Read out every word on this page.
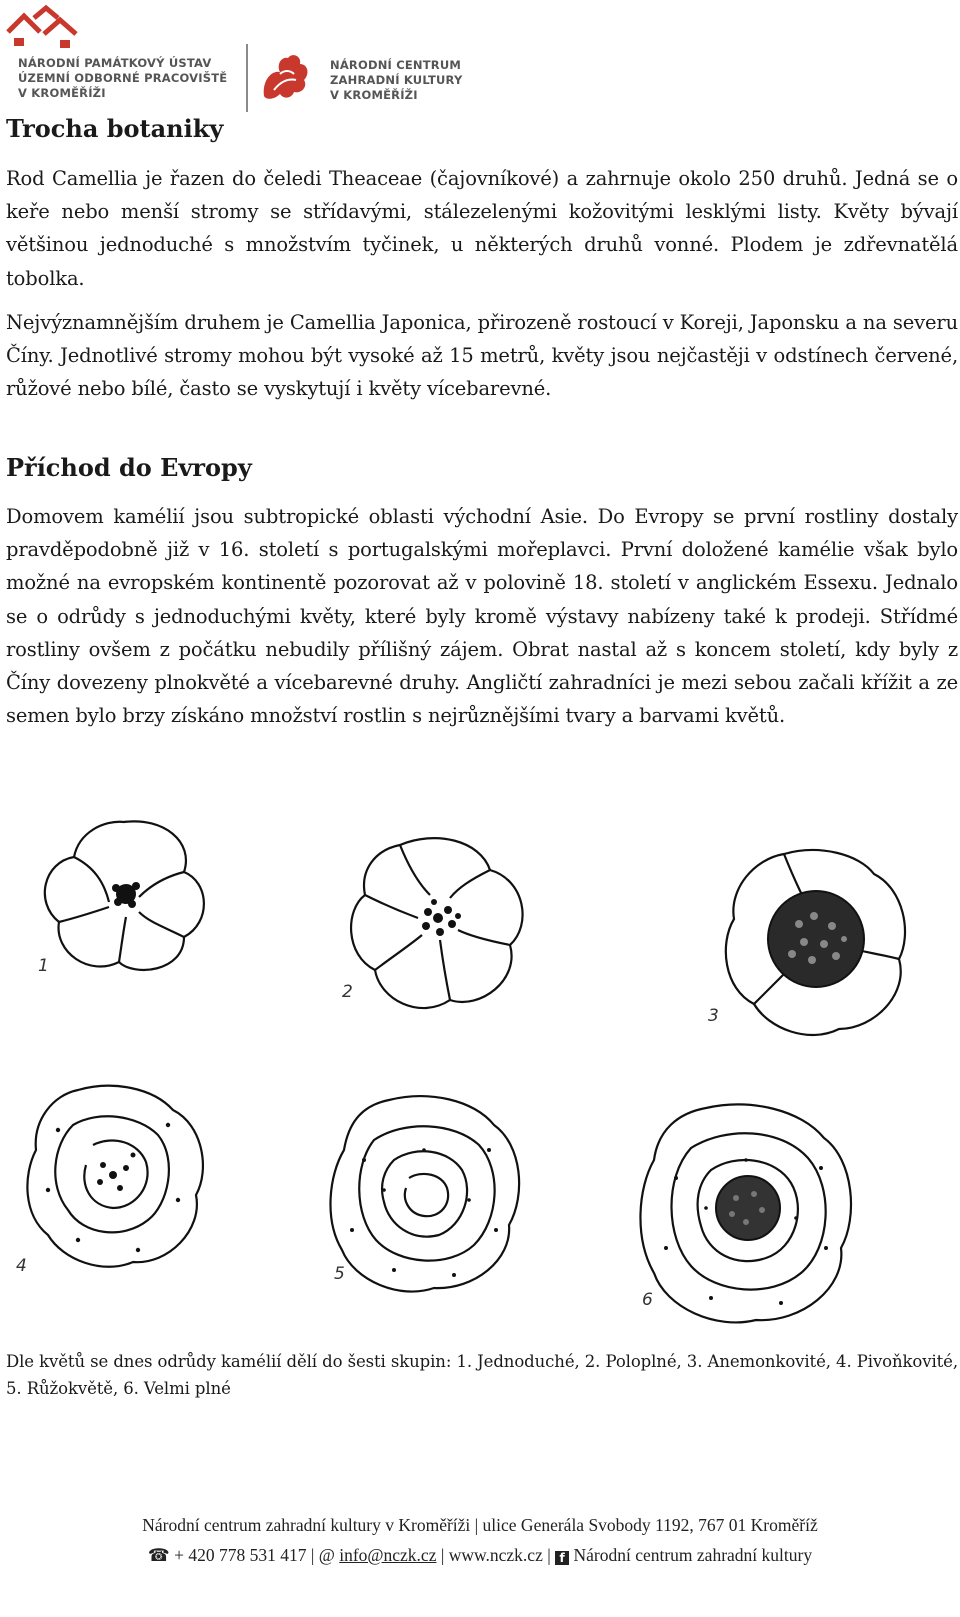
NÁRODNÍ PAMÁTKOVÝ ÚSTAV
ÚZEMNÍ ODBORNÉ PRACOVIŠTĚ
V KROMĚŘÍŽI
NÁRODNÍ CENTRUM
ZAHRADNÍ KULTURY
V KROMĚŘÍŽI
Trocha botaniky

Rod Camellia je řazen do čeledi Theaceae (čajovníkové) a zahrnuje okolo 250 druhů. Jedná se o keře nebo menší stromy se střídavými, stálezelenými kožovitými lesklými listy. Květy bývají většinou jednoduché s množstvím tyčinek, u některých druhů vonné. Plodem je zdřevnatělá tobolka.

Nejvýznamnějším druhem je Camellia Japonica, přirozeně rostoucí v Koreji, Japonsku a na severu Číny. Jednotlivé stromy mohou být vysoké až 15 metrů, květy jsou nejčastěji v odstínech červené, růžové nebo bílé, často se vyskytují i květy vícebarevné.

Příchod do Evropy

Domovem kamélií jsou subtropické oblasti východní Asie. Do Evropy se první rostliny dostaly pravděpodobně již v 16. století s portugalskými mořeplavci. První doložené kamélie však bylo možné na evropském kontinentě pozorovat až v polovině 18. století v anglickém Essexu. Jednalo se o odrůdy s jednoduchými květy, které byly kromě výstavy nabízeny také k prodeji. Střídmé rostliny ovšem z počátku nebudily přílišný zájem. Obrat nastal až s koncem století, kdy byly z Číny dovezeny plnokvěté a vícebarevné druhy. Angličtí zahradníci je mezi sebou začali křížit a ze semen bylo brzy získáno množství rostlin s nejrůznějšími tvary a barvami květů.

1
2
3
4	5
6

Dle květů se dnes odrůdy kamélií dělí do šesti skupin: 1. Jednoduché, 2. Poloplné, 3. Anemonkovité, 4. Pivoňkovité, 5. Růžokvětě, 6. Velmi plné

Národní centrum zahradní kultury v Kroměříži | ulice Generála Svobody 1192, 767 01 Kroměříž
☎ + 420 778 531 417 | @ info@nczk.cz | www.nczk.cz | f Národní centrum zahradní kultury
